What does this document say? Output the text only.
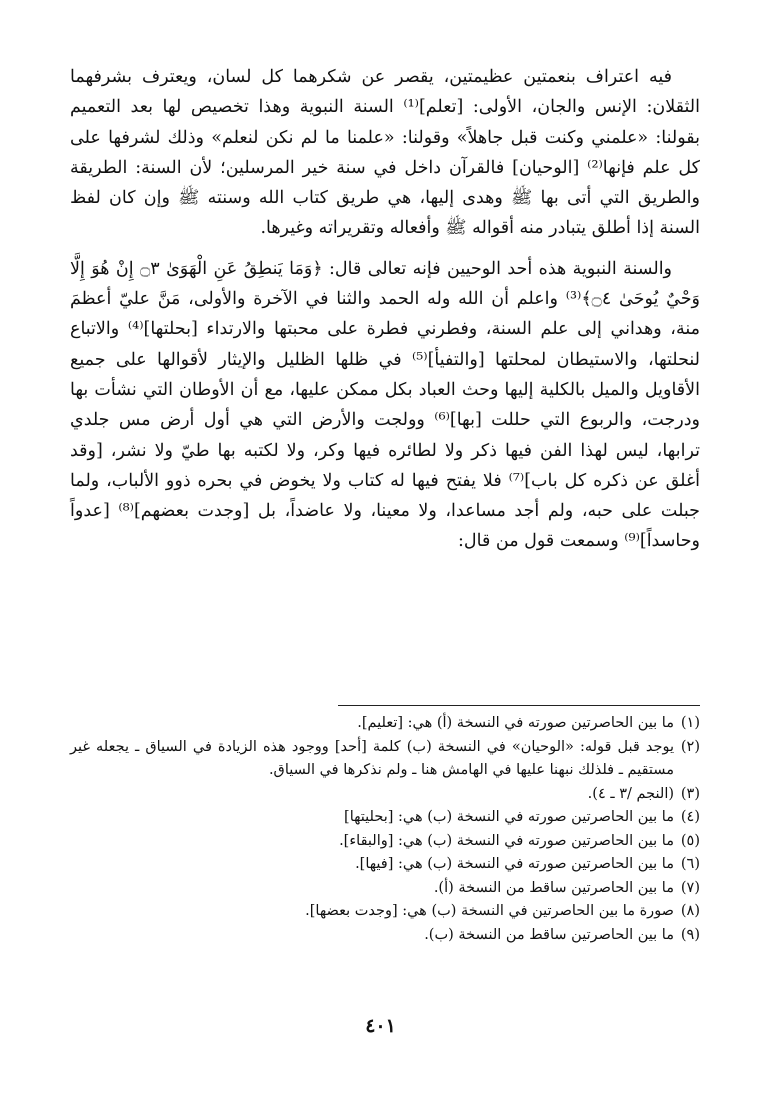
فيه اعتراف بنعمتين عظيمتين، يقصر عن شكرهما كل لسان، ويعترف بشرفهما الثقلان: الإنس والجان، الأولى: [تعلم]⁽¹⁾ السنة النبوية وهذا تخصيص لها بعد التعميم بقولنا: «علمني وكنت قبل جاهلاً» وقولنا: «علمنا ما لم نكن لنعلم» وذلك لشرفها على كل علم فإنها⁽²⁾ [الوحيان] فالقرآن داخل في سنة خير المرسلين؛ لأن السنة: الطريقة والطريق التي أتى بها ﷺ وهدى إليها، هي طريق كتاب الله وسنته ﷺ وإن كان لفظ السنة إذا أطلق يتبادر منه أقواله ﷺ وأفعاله وتقريراته وغيرها.

والسنة النبوية هذه أحد الوحيين فإنه تعالى قال: ﴿وَمَا يَنطِقُ عَنِ الْهَوَىٰ ۝٣ إِنْ هُوَ إِلَّا وَحْيٌ يُوحَىٰ ۝٤﴾⁽³⁾ واعلم أن الله وله الحمد والثنا في الآخرة والأولى، مَنَّ عليّ أعظمَ منة، وهداني إلى علم السنة، وفطرني فطرة على محبتها والارتداء [بحلتها]⁽⁴⁾ والاتباع لنحلتها، والاستيطان لمحلتها [والتفيأ]⁽⁵⁾ في ظلها الظليل والإيثار لأقوالها على جميع الأقاويل والميل بالكلية إليها وحث العباد بكل ممكن عليها، مع أن الأوطان التي نشأت بها ودرجت، والربوع التي حللت [بها]⁽⁶⁾ وولجت والأرض التي هي أول أرض مس جلدي ترابها، ليس لهذا الفن فيها ذكر ولا لطائره فيها وكر، ولا لكتبه بها طيّ ولا نشر، [وقد أغلق عن ذكره كل باب]⁽⁷⁾ فلا يفتح فيها له كتاب ولا يخوض في بحره ذوو الألباب، ولما جبلت على حبه، ولم أجد مساعدا، ولا معينا، ولا عاضداً، بل [وجدت بعضهم]⁽⁸⁾ [عدواً وحاسداً]⁽⁹⁾ وسمعت قول من قال:

(١)
ما بين الحاصرتين صورته في النسخة (أ) هي: [تعليم].
(٢)
يوجد قبل قوله: «الوحيان» في النسخة (ب) كلمة [أحد] ووجود هذه الزيادة في السياق ـ يجعله غير مستقيم ـ فلذلك نبهنا عليها في الهامش هنا ـ ولم نذكرها في السياق.
(٣)
(النجم /٣ ـ ٤).
(٤)
ما بين الحاصرتين صورته في النسخة (ب) هي: [بحليتها]
(٥)
ما بين الحاصرتين صورته في النسخة (ب) هي: [والبقاء].
(٦)
ما بين الحاصرتين صورته في النسخة (ب) هي: [فيها].
(٧)
ما بين الحاصرتين ساقط من النسخة (أ).
(٨)
صورة ما بين الحاصرتين في النسخة (ب) هي: [وجدت بعضها].
(٩)
ما بين الحاصرتين ساقط من النسخة (ب).
٤٠١
